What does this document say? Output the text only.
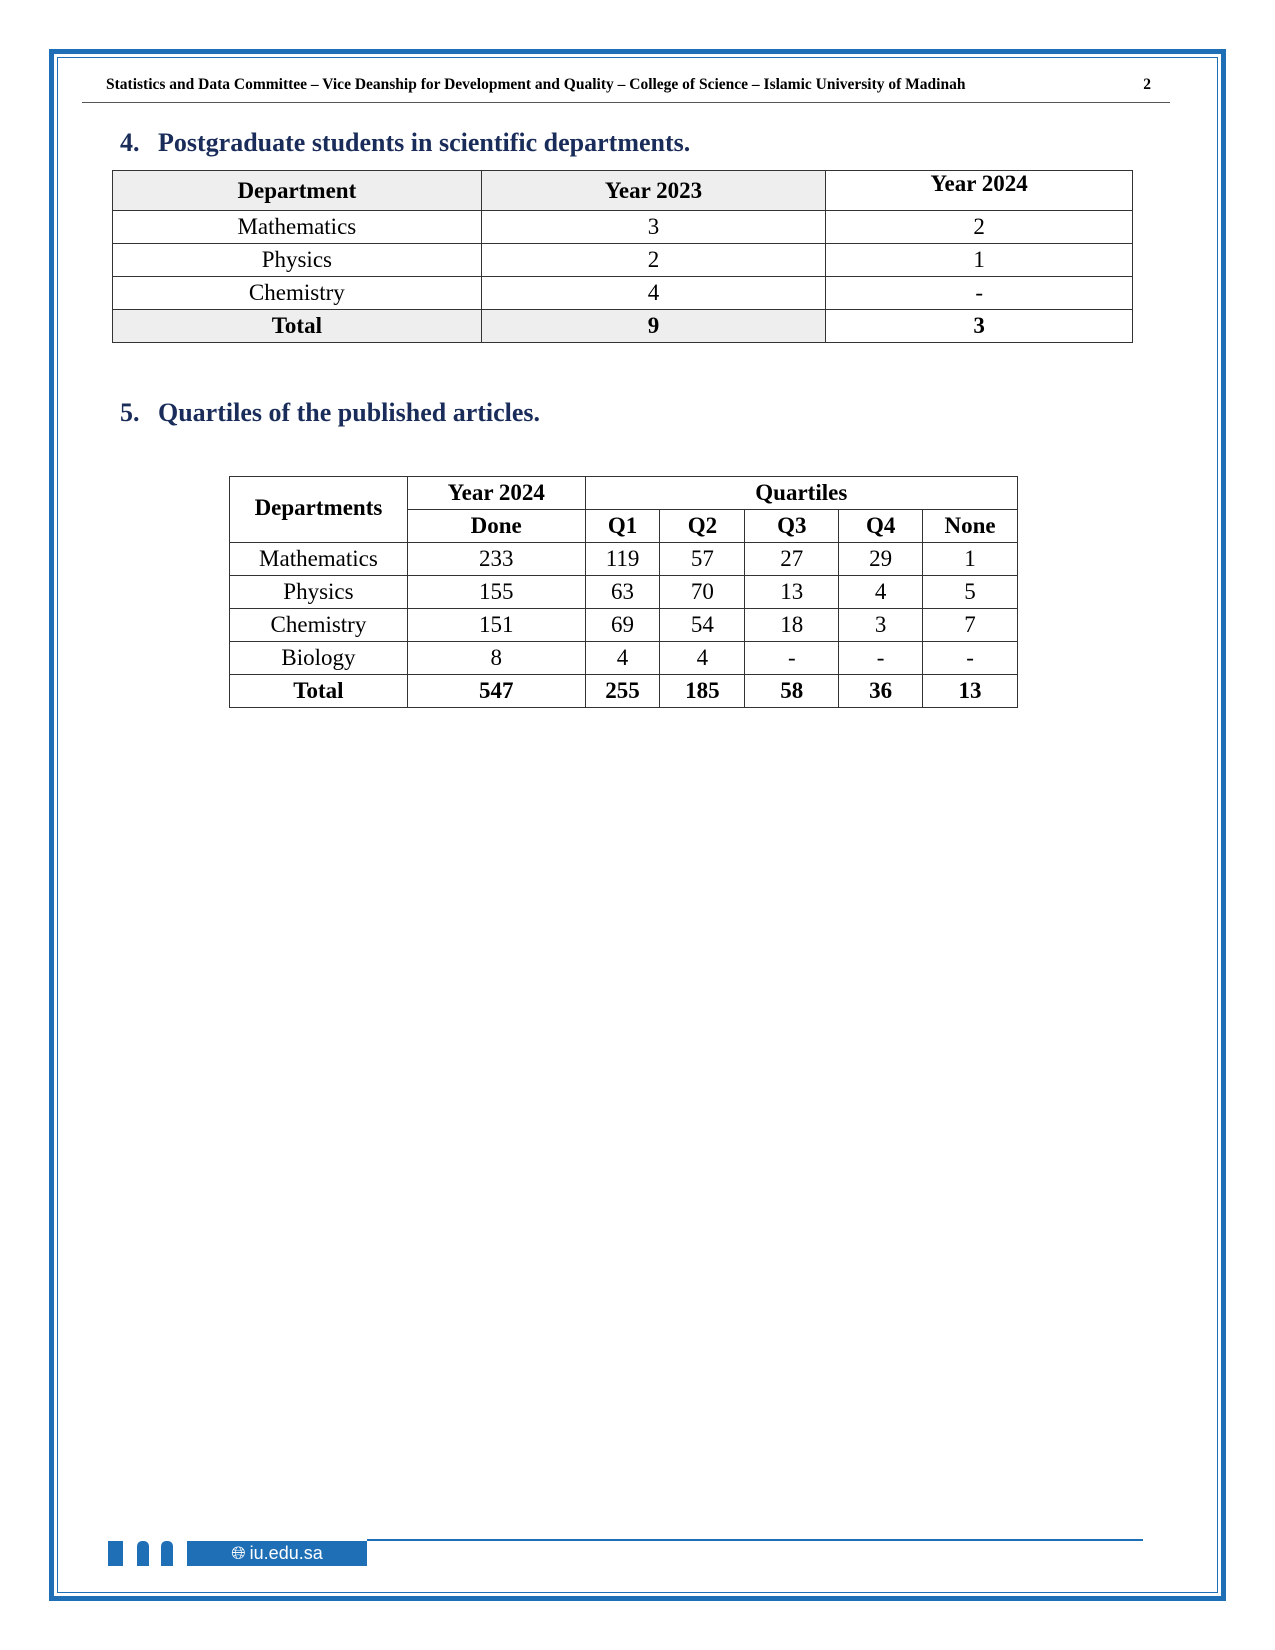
Statistics and Data Committee – Vice Deanship for Development and Quality – College of Science – Islamic University of Madinah	2
4. Postgraduate students in scientific departments.
Department	Year 2023	Year 2024
Mathematics	3	2
Physics	2	1
Chemistry	4	-
Total	9	3
5. Quartiles of the published articles.
Departments	Year 2024	Quartiles				
	Done	Q1	Q2	Q3	Q4	None
Mathematics	233	119	57	27	29	1
Physics	155	63	70	13	4	5
Chemistry	151	69	54	18	3	7
Biology	8	4	4	-	-	-
Total	547	255	185	58	36	13
🌐︎ iu.edu.sa
